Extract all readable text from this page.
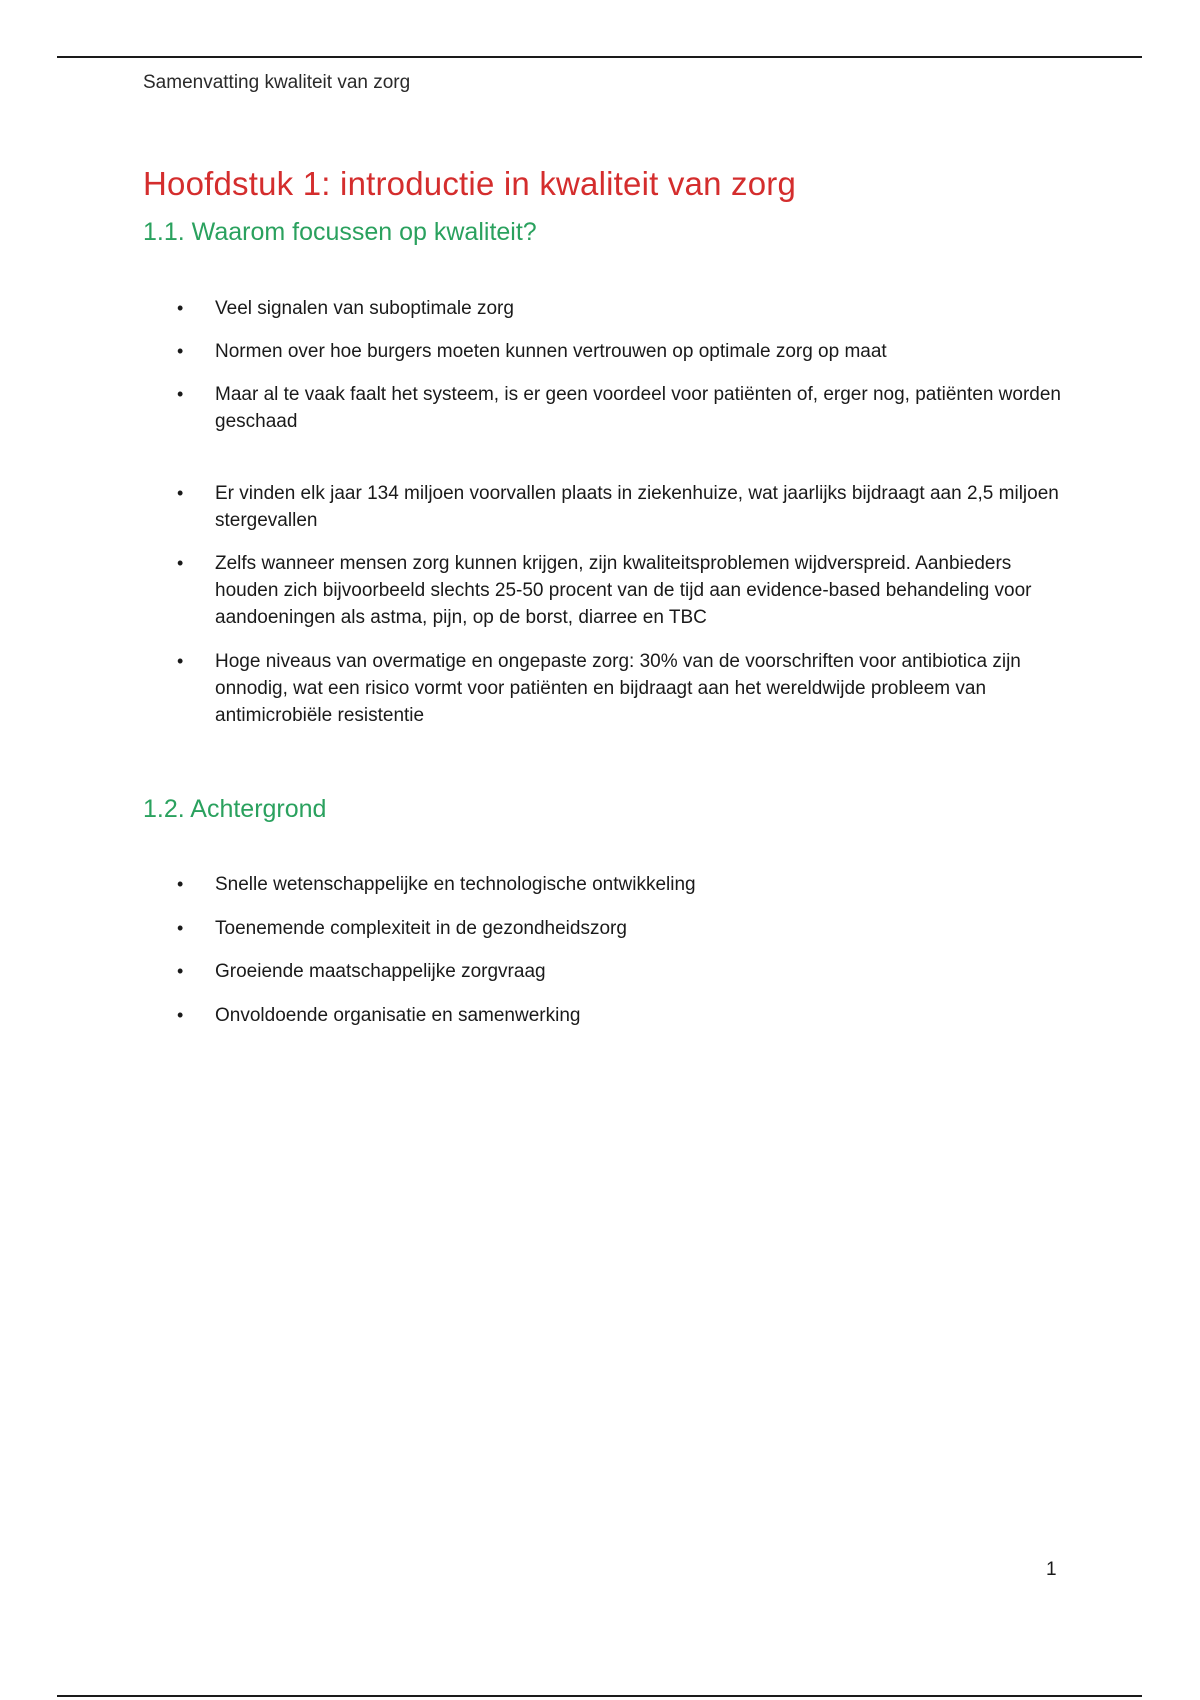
Samenvatting kwaliteit van zorg
Hoofdstuk 1: introductie in kwaliteit van zorg
1.1. Waarom focussen op kwaliteit?
• Veel signalen van suboptimale zorg
• Normen over hoe burgers moeten kunnen vertrouwen op optimale zorg op maat
• Maar al te vaak faalt het systeem, is er geen voordeel voor patiënten of, erger nog, patiënten worden geschaad
• Er vinden elk jaar 134 miljoen voorvallen plaats in ziekenhuize, wat jaarlijks bijdraagt aan 2,5 miljoen stergevallen
• Zelfs wanneer mensen zorg kunnen krijgen, zijn kwaliteitsproblemen wijdverspreid. Aanbieders houden zich bijvoorbeeld slechts 25-50 procent van de tijd aan evidence-based behandeling voor aandoeningen als astma, pijn, op de borst, diarree en TBC
• Hoge niveaus van overmatige en ongepaste zorg: 30% van de voorschriften voor antibiotica zijn onnodig, wat een risico vormt voor patiënten en bijdraagt aan het wereldwijde probleem van antimicrobiële resistentie
1.2. Achtergrond
• Snelle wetenschappelijke en technologische ontwikkeling
• Toenemende complexiteit in de gezondheidszorg
• Groeiende maatschappelijke zorgvraag
• Onvoldoende organisatie en samenwerking
1
